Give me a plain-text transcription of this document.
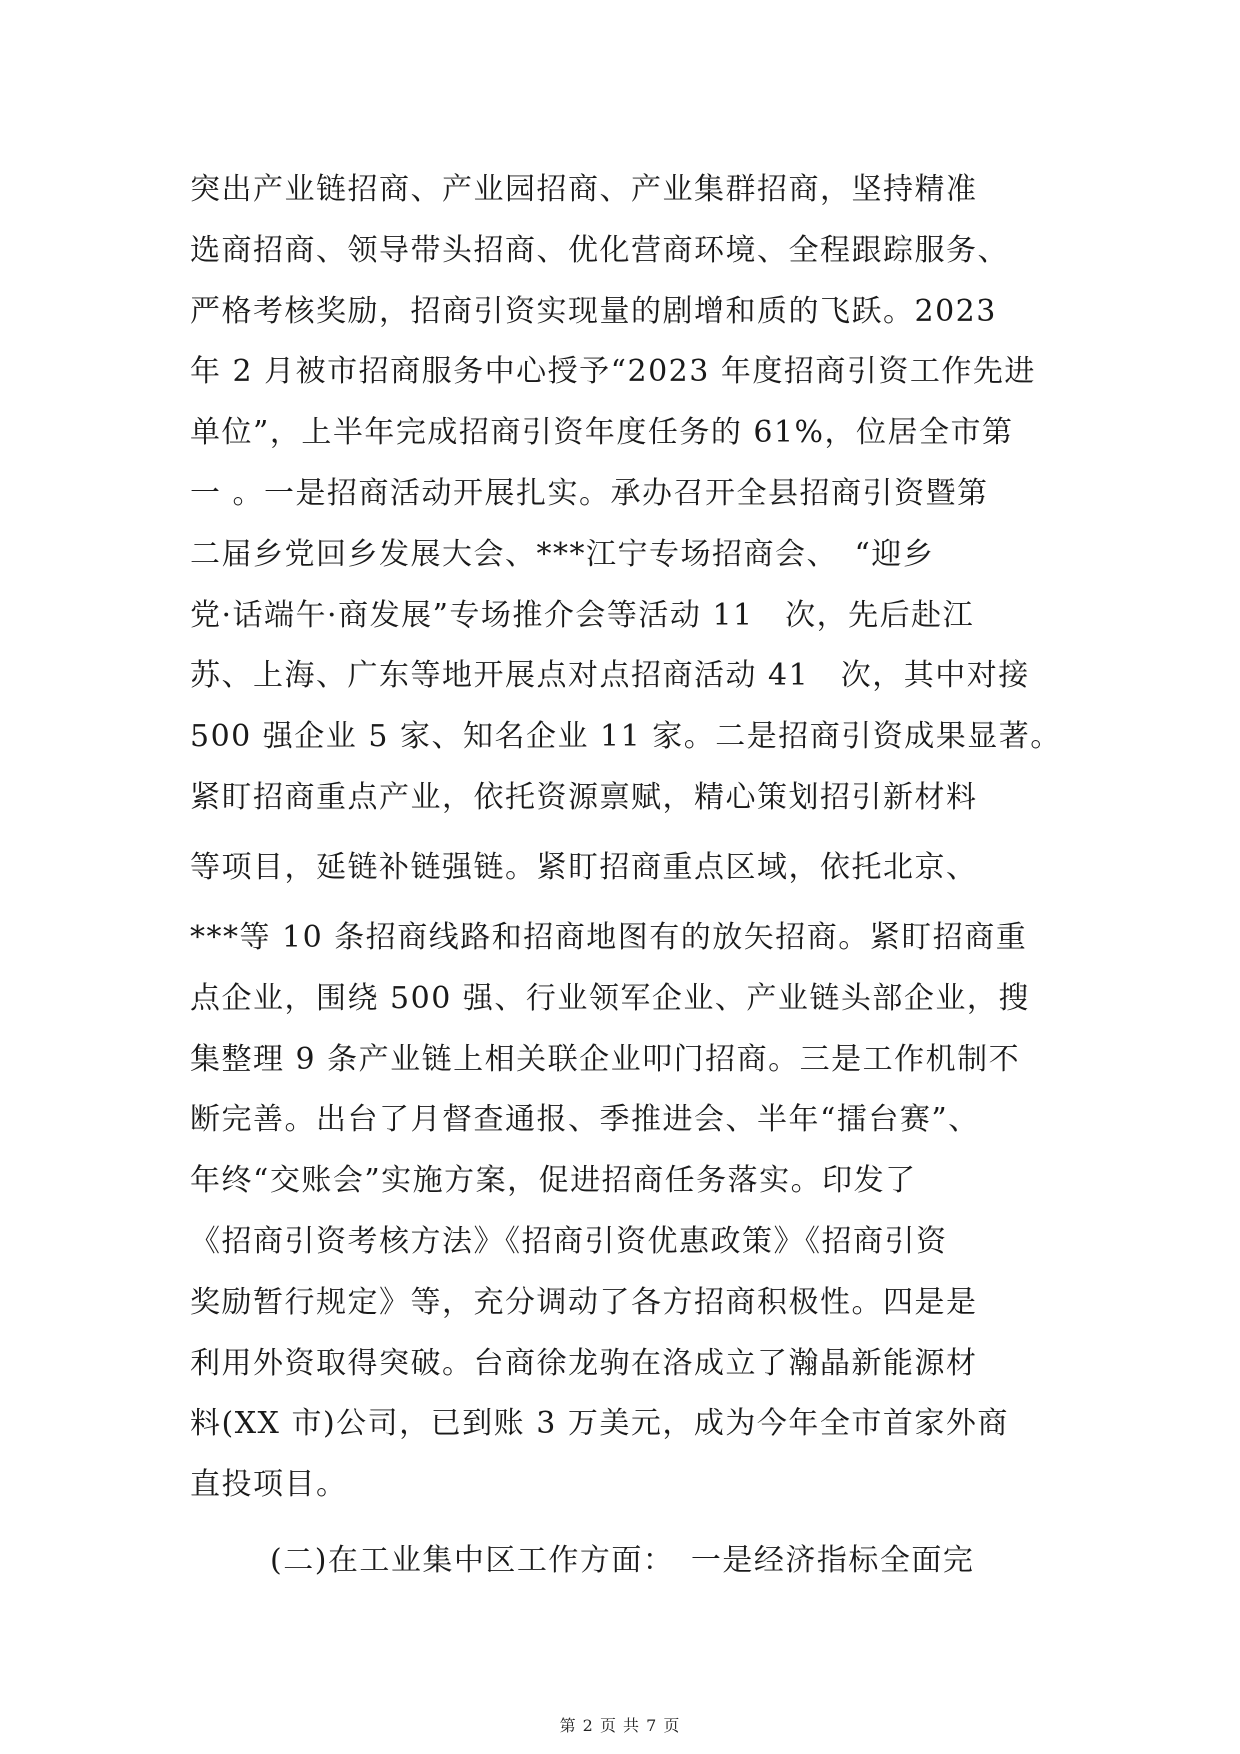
突出产业链招商、产业园招商、产业集群招商，坚持精准
选商招商、领导带头招商、优化营商环境、全程跟踪服务、
严格考核奖励，招商引资实现量的剧增和质的飞跃。2023
年 2 月被市招商服务中心授予“2023 年度招商引资工作先进
单位”，上半年完成招商引资年度任务的 61%，位居全市第
一 。一是招商活动开展扎实。承办召开全县招商引资暨第
二届乡党回乡发展大会、***江宁专场招商会、　“迎乡
党·话端午·商发展”专场推介会等活动 11　次，先后赴江
苏、上海、广东等地开展点对点招商活动 41　次，其中对接
500 强企业 5 家、知名企业 11 家。二是招商引资成果显著。
紧盯招商重点产业，依托资源禀赋，精心策划招引新材料
等项目，延链补链强链。紧盯招商重点区域，依托北京、
***等 10 条招商线路和招商地图有的放矢招商。紧盯招商重
点企业，围绕 500 强、行业领军企业、产业链头部企业，搜
集整理 9 条产业链上相关联企业叩门招商。三是工作机制不
断完善。出台了月督查通报、季推进会、半年“擂台赛”、
年终“交账会”实施方案，促进招商任务落实。印发了
《招商引资考核方法》《招商引资优惠政策》《招商引资
奖励暂行规定》等，充分调动了各方招商积极性。四是是
利用外资取得突破。台商徐龙驹在洛成立了瀚晶新能源材
料(XX 市)公司，已到账 3 万美元，成为今年全市首家外商
直投项目。
(二)在工业集中区工作方面：　一是经济指标全面完
第 2 页 共 7 页
